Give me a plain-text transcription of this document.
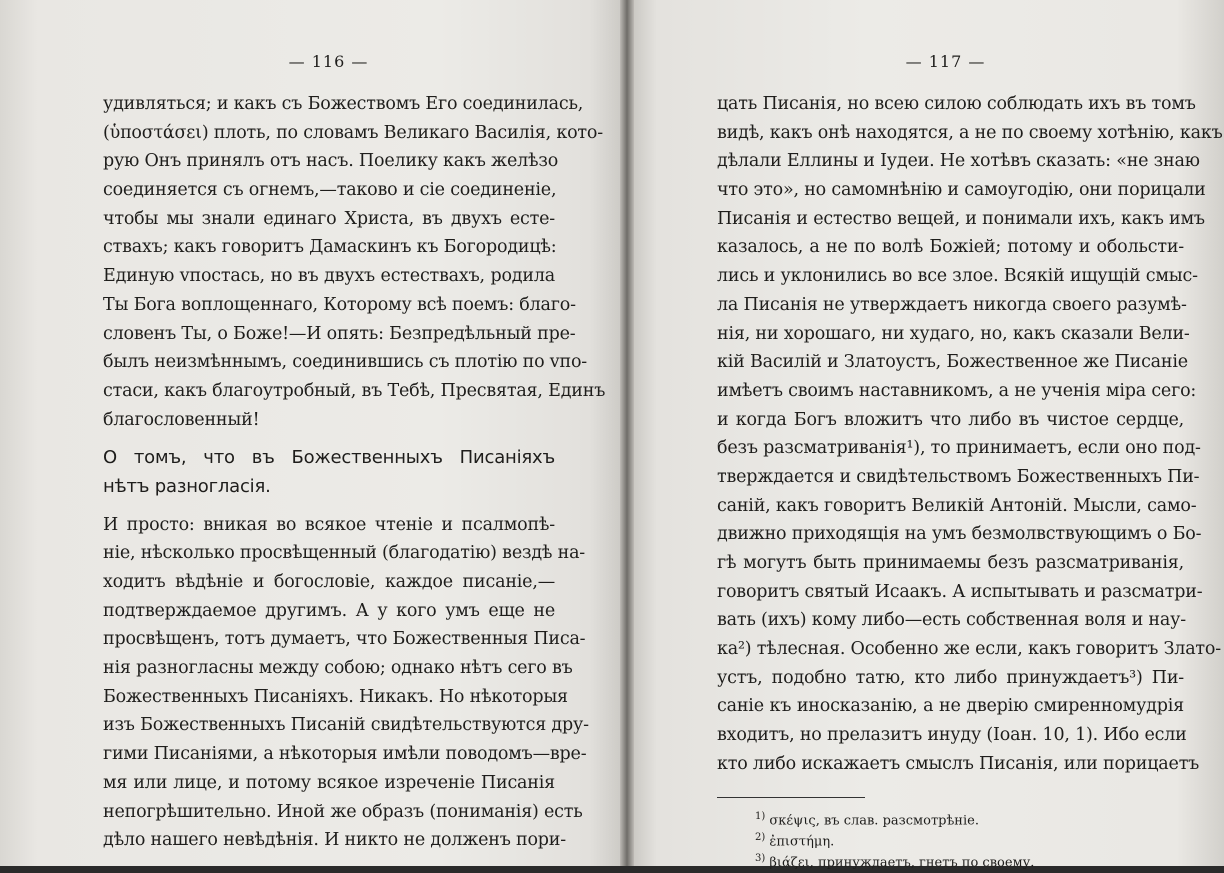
— 116 —
удивляться; и какъ съ Божествомъ Его соединилась,
(ὑποστάσει) плоть, по словамъ Великаго Василія, кото-
рую Онъ принялъ отъ насъ. Поелику какъ желѣзо
соединяется съ огнемъ,—таково и сіе соединеніе,
чтобы мы знали единаго Христа, въ двухъ есте-
ствахъ; какъ говоритъ Дамаскинъ къ Богородицѣ:
Единую vпостась, но въ двухъ естествахъ, родила
Ты Бога воплощеннаго, Которому всѣ поемъ: благо-
словенъ Ты, о Боже!—И опять: Безпредѣльный пре-
былъ неизмѣннымъ, соединившись съ плотію по vпо-
стаси, какъ благоутробный, въ Тебѣ, Пресвятая, Единъ
благословенный!
О томъ, что въ Божественныхъ Писаніяхъ
нѣтъ разногласія.
И просто: вникая во всякое чтеніе и псалмопѣ-
ніе, нѣсколько просвѣщенный (благодатію) вездѣ на-
ходитъ вѣдѣніе и богословіе, каждое писаніе,—
подтверждаемое другимъ. А у кого умъ еще не
просвѣщенъ, тотъ думаетъ, что Божественныя Писа-
нія разногласны между собою; однако нѣтъ сего въ
Божественныхъ Писаніяхъ. Никакъ. Но нѣкоторыя
изъ Божественныхъ Писаній свидѣтельствуются дру-
гими Писаніями, а нѣкоторыя имѣли поводомъ—вре-
мя или лице, и потому всякое изреченіе Писанія
непогрѣшительно. Иной же образъ (пониманія) есть
дѣло нашего невѣдѣнія. И никто не долженъ пори-
— 117 —
цать Писанія, но всею силою соблюдать ихъ въ томъ
видѣ, какъ онѣ находятся, а не по своему хотѣнію, какъ
дѣлали Еллины и Іудеи. Не хотѣвъ сказать: «не знаю
что это», но самомнѣнію и самоугодію, они порицали
Писанія и естество вещей, и понимали ихъ, какъ имъ
казалось, а не по волѣ Божіей; потому и обольсти-
лись и уклонились во все злое. Всякій ищущій смыс-
ла Писанія не утверждаетъ никогда своего разумѣ-
нія, ни хорошаго, ни худаго, но, какъ сказали Вели-
кій Василій и Златоустъ, Божественное же Писаніе
имѣетъ своимъ наставникомъ, а не ученія міра сего:
и когда Богъ вложитъ что либо въ чистое сердце,
безъ разсматриванія¹), то принимаетъ, если оно под-
тверждается и свидѣтельствомъ Божественныхъ Пи-
саній, какъ говоритъ Великій Антоній. Мысли, само-
движно приходящія на умъ безмолвствующимъ о Бо-
гѣ могутъ быть принимаемы безъ разсматриванія,
говоритъ святый Исаакъ. А испытывать и разсматри-
вать (ихъ) кому либо—есть собственная воля и нау-
ка²) тѣлесная. Особенно же если, какъ говоритъ Злато-
устъ, подобно татю, кто либо принуждаетъ³) Пи-
саніе къ иносказанію, а не дверію смиренномудрія
входитъ, но прелазитъ инуду (Іоан. 10, 1). Ибо если
кто либо искажаетъ смыслъ Писанія, или порицаетъ
$^{1)}$ σκέψις, въ слав. разсмотрѣніе.
$^{2)}$ ἐπιστήμη.
$^{3)}$ βιάζει, принуждаетъ, гнетъ по своему.
